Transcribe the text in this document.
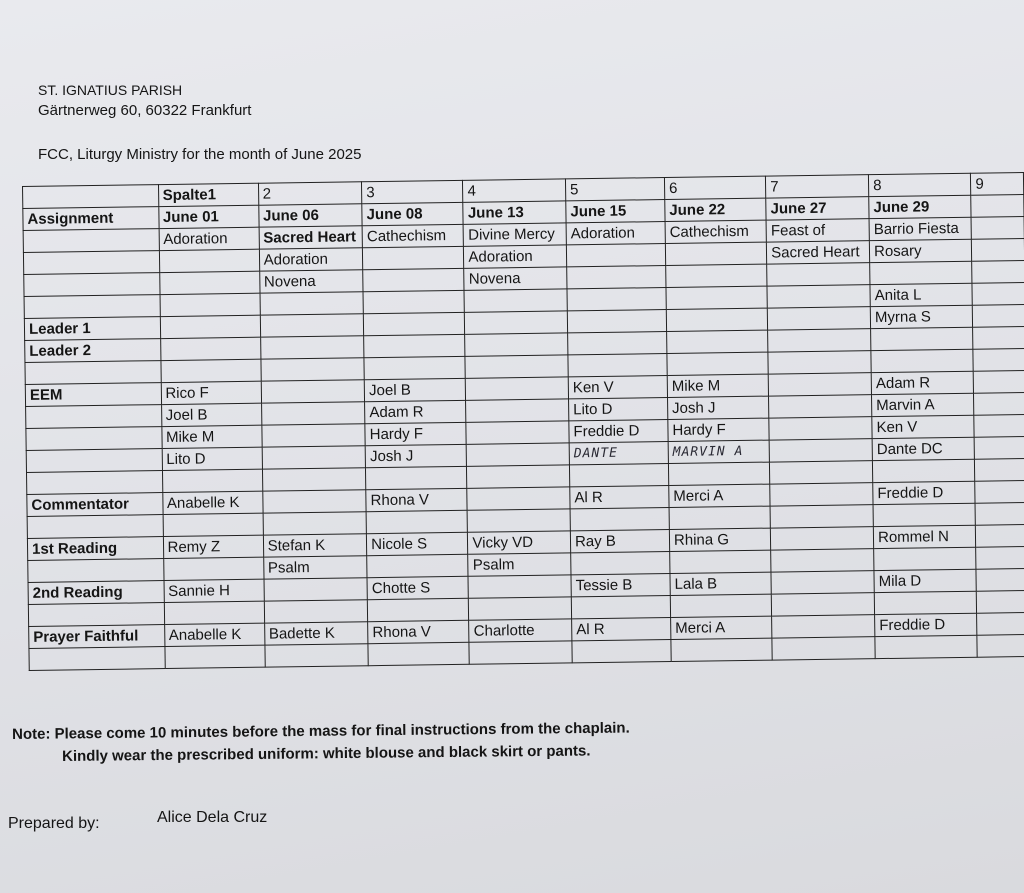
ST. IGNATIUS PARISH
Gärtnerweg 60, 60322 Frankfurt
FCC, Liturgy Ministry for the month of June 2025
	Spalte1	2	3	4	5	6	7	8	9
Assignment	June 01	June 06	June 08	June 13	June 15	June 22	June 27	June 29	
	Adoration	Sacred Heart	Cathechism	Divine Mercy	Adoration	Cathechism	Feast of	Barrio Fiesta	
		Adoration		Adoration			Sacred Heart	Rosary	
		Novena		Novena					
								Anita L	
Leader 1								Myrna S	
Leader 2									

EEM	Rico F		Joel B		Ken V	Mike M		Adam R	
	Joel B		Adam R		Lito D	Josh J		Marvin A	
	Mike M		Hardy F		Freddie D	Hardy F		Ken V	
	Lito D		Josh J		DANTE	MARVIN A		Dante DC	

Commentator	Anabelle K		Rhona V		Al R	Merci A		Freddie D	

1st Reading	Remy Z	Stefan K	Nicole S	Vicky VD	Ray B	Rhina G		Rommel N	
		Psalm		Psalm					
2nd Reading	Sannie H		Chotte S		Tessie B	Lala B		Mila D	

Prayer Faithful	Anabelle K	Badette K	Rhona V	Charlotte	Al R	Merci A		Freddie D	

Note: Please come 10 minutes before the mass for final instructions from the chaplain.
Kindly wear the prescribed uniform: white blouse and black skirt or pants.
Prepared by:	Alice Dela Cruz
